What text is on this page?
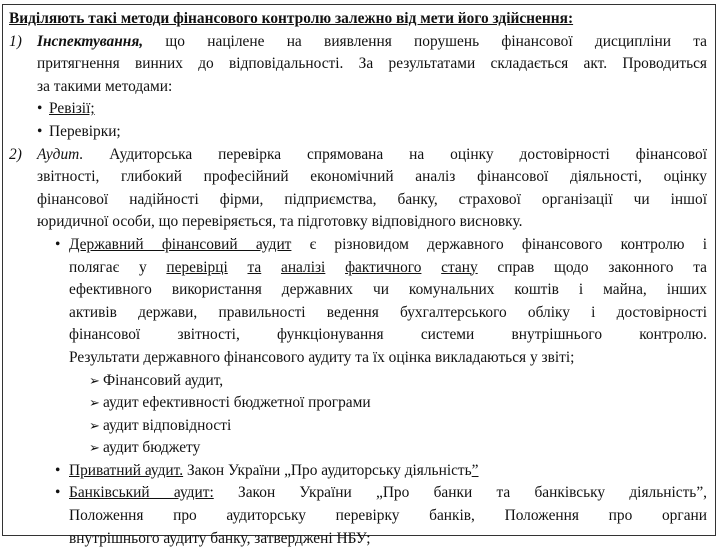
Виділяють такі методи фінансового контролю залежно від мети його здійснення:
1) Інспектування, що націлене на виявлення порушень фінансової дисципліни та
притягнення винних до відповідальності. За результатами складається акт. Проводиться
за такими методами:
• Ревізії;
• Перевірки;
2) Аудит. Аудиторська перевірка спрямована на оцінку достовірності фінансової
звітності, глибокий професійний економічний аналіз фінансової діяльності, оцінку
фінансової надійності фірми, підприємства, банку, страхової організації чи іншої
юридичної особи, що перевіряється, та підготовку відповідного висновку.
• Державний фінансовий аудит є різновидом державного фінансового контролю і
полягає у перевірці та аналізі фактичного стану справ щодо законного та
ефективного використання державних чи комунальних коштів і майна, інших
активів держави, правильності ведення бухгалтерського обліку і достовірності
фінансової звітності, функціонування системи внутрішнього контролю.
Результати державного фінансового аудиту та їх оцінка викладаються у звіті;
➢ Фінансовий аудит,
➢ аудит ефективності бюджетної програми
➢ аудит відповідності
➢ аудит бюджету
• Приватний аудит. Закон України „Про аудиторську діяльність”
• Банківський аудит: Закон України „Про банки та банківську діяльність”,
Положення про аудиторську перевірку банків, Положення про органи
внутрішнього аудиту банку, затверджені НБУ;
